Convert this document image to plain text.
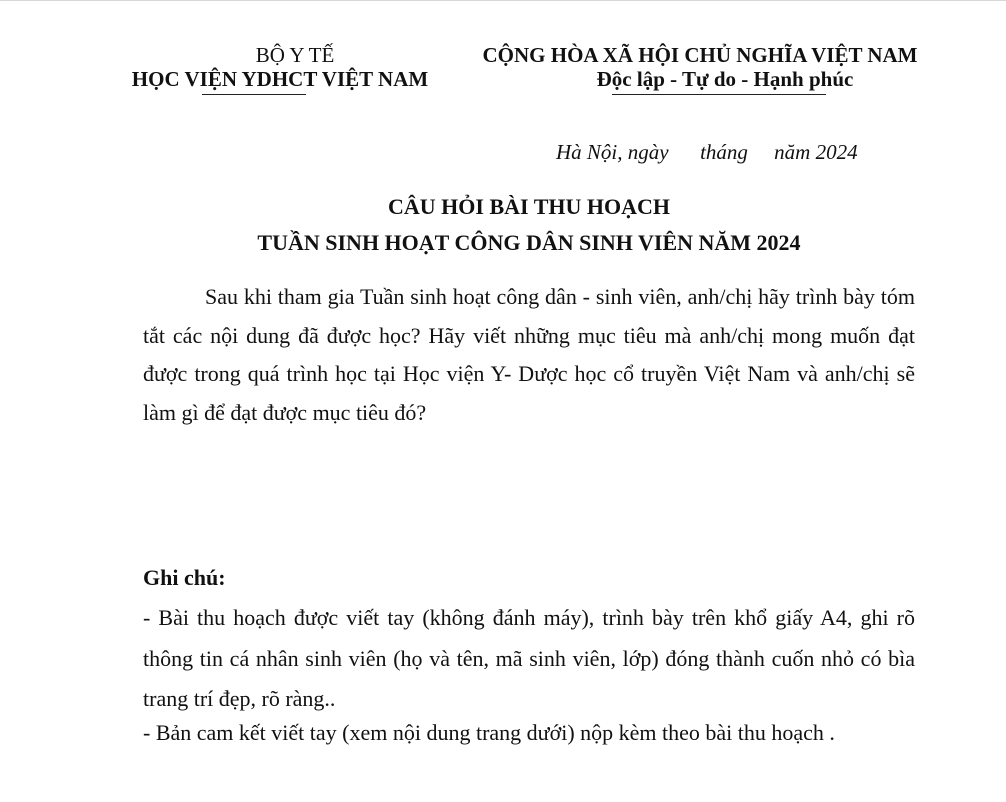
BỘ Y TẾ
HỌC VIỆN YDHCT VIỆT NAM
CỘNG HÒA XÃ HỘI CHỦ NGHĨA VIỆT NAM
Độc lập - Tự do - Hạnh phúc
Hà Nội, ngày      tháng     năm 2024
CÂU HỎI BÀI THU HOẠCH
TUẦN SINH HOẠT CÔNG DÂN SINH VIÊN NĂM 2024
Sau khi tham gia Tuần sinh hoạt công dân - sinh viên, anh/chị hãy trình bày tóm tắt các nội dung đã được học? Hãy viết những mục tiêu mà anh/chị mong muốn đạt được trong quá trình học tại Học viện Y- Dược học cổ truyền Việt Nam và anh/chị sẽ làm gì để đạt được mục tiêu đó?
Ghi chú:
- Bài thu hoạch được viết tay (không đánh máy), trình bày trên khổ giấy A4, ghi rõ thông tin cá nhân sinh viên (họ và tên, mã sinh viên, lớp) đóng thành cuốn nhỏ có bìa trang trí đẹp, rõ ràng..
- Bản cam kết viết tay (xem nội dung trang dưới) nộp kèm theo bài thu hoạch .
